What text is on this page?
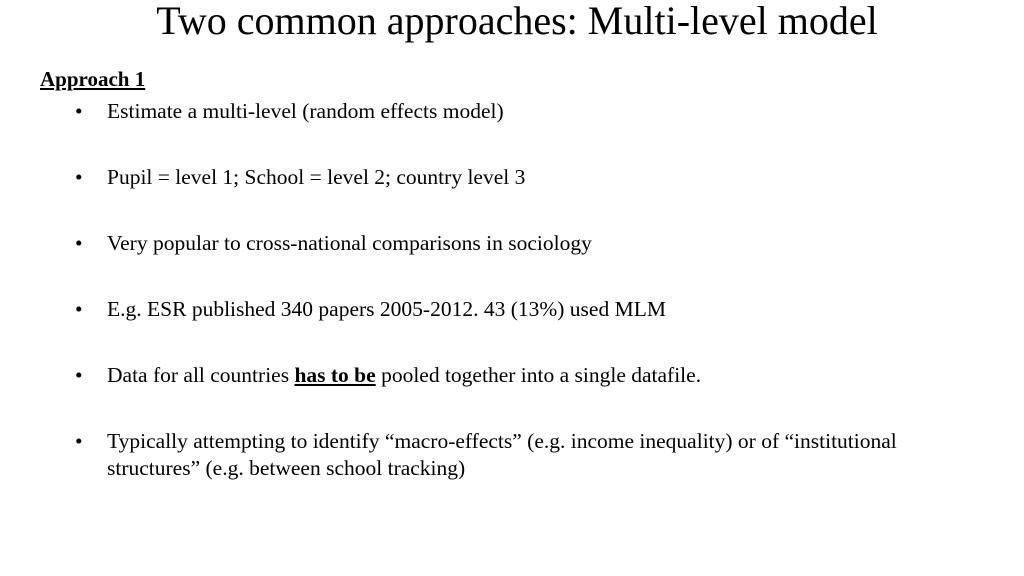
Two common approaches: Multi-level model
Approach 1
•	Estimate a multi-level (random effects model)
•	Pupil = level 1; School = level 2; country level 3
•	Very popular to cross-national comparisons in sociology
•	E.g. ESR published 340 papers 2005-2012. 43 (13%) used MLM
•	Data for all countries has to be pooled together into a single datafile.
•	Typically attempting to identify “macro-effects” (e.g. income inequality) or of “institutional structures” (e.g. between school tracking)
